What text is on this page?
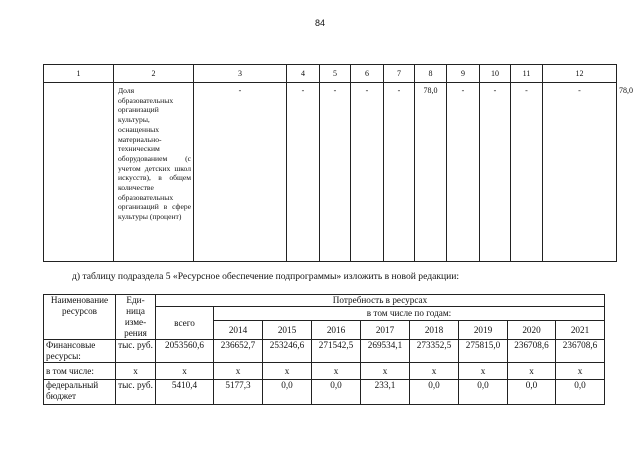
84
1	2	3	4	5	6	7	8	9	10	11	12	
	Доля образовательных организаций культуры, оснащенных материально-техническим оборудованием (с учетом детских школ искусств), в общем количестве образовательных организаций в сфере культуры (процент)	-	-	-	-	-	78,0	-	-	-	-	78,0
д) таблицу подраздела 5 «Ресурсное обеспечение подпрограммы» изложить в новой редакции:
Наименование ресурсов	Еди-ница изме-рения	Потребность в ресурсах								
		всего	в том числе по годам:							
			2014	2015	2016	2017	2018	2019	2020	2021
Финансовые ресурсы:	тыс. руб.	2053560,6	236652,7	253246,6	271542,5	269534,1	273352,5	275815,0	236708,6	236708,6
в том числе:	х	х	х	х	х	х	х	х	х	х
федеральный бюджет	тыс. руб.	5410,4	5177,3	0,0	0,0	233,1	0,0	0,0	0,0	0,0
